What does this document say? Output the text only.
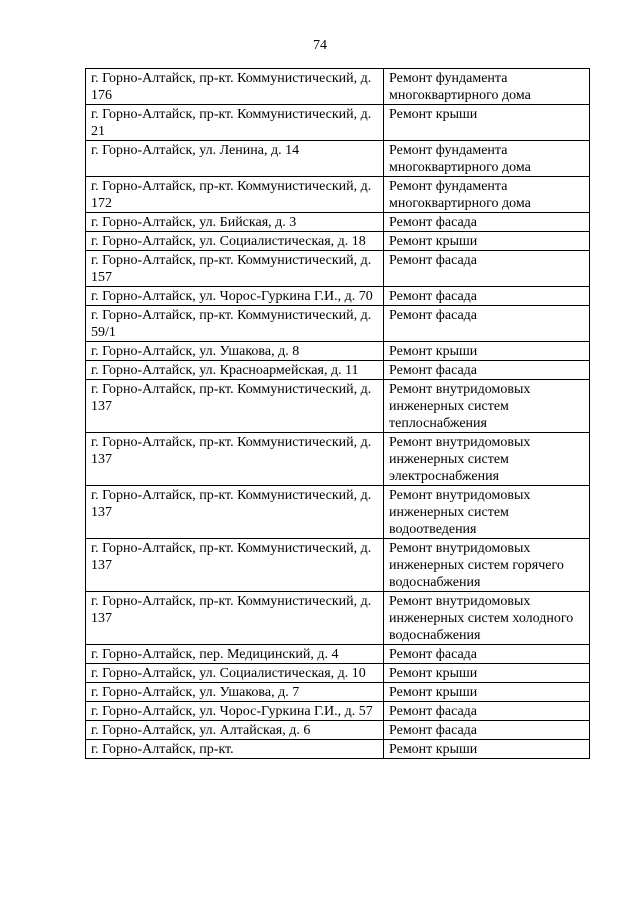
74
г. Горно-Алтайск, пр-кт. Коммунистический, д. 176	Ремонт фундамента многоквартирного дома
г. Горно-Алтайск, пр-кт. Коммунистический, д. 21	Ремонт крыши
г. Горно-Алтайск, ул. Ленина, д. 14	Ремонт фундамента многоквартирного дома
г. Горно-Алтайск, пр-кт. Коммунистический, д. 172	Ремонт фундамента многоквартирного дома
г. Горно-Алтайск, ул. Бийская, д. 3	Ремонт фасада
г. Горно-Алтайск, ул. Социалистическая, д. 18	Ремонт крыши
г. Горно-Алтайск, пр-кт. Коммунистический, д. 157	Ремонт фасада
г. Горно-Алтайск, ул. Чорос-Гуркина Г.И., д. 70	Ремонт фасада
г. Горно-Алтайск, пр-кт. Коммунистический, д. 59/1	Ремонт фасада
г. Горно-Алтайск, ул. Ушакова, д. 8	Ремонт крыши
г. Горно-Алтайск, ул. Красноармейская, д. 11	Ремонт фасада
г. Горно-Алтайск, пр-кт. Коммунистический, д. 137	Ремонт внутридомовых инженерных систем теплоснабжения
г. Горно-Алтайск, пр-кт. Коммунистический, д. 137	Ремонт внутридомовых инженерных систем электроснабжения
г. Горно-Алтайск, пр-кт. Коммунистический, д. 137	Ремонт внутридомовых инженерных систем водоотведения
г. Горно-Алтайск, пр-кт. Коммунистический, д. 137	Ремонт внутридомовых инженерных систем горячего водоснабжения
г. Горно-Алтайск, пр-кт. Коммунистический, д. 137	Ремонт внутридомовых инженерных систем холодного водоснабжения
г. Горно-Алтайск, пер. Медицинский, д. 4	Ремонт фасада
г. Горно-Алтайск, ул. Социалистическая, д. 10	Ремонт крыши
г. Горно-Алтайск, ул. Ушакова, д. 7	Ремонт крыши
г. Горно-Алтайск, ул. Чорос-Гуркина Г.И., д. 57	Ремонт фасада
г. Горно-Алтайск, ул. Алтайская, д. 6	Ремонт фасада
г. Горно-Алтайск, пр-кт.	Ремонт крыши
